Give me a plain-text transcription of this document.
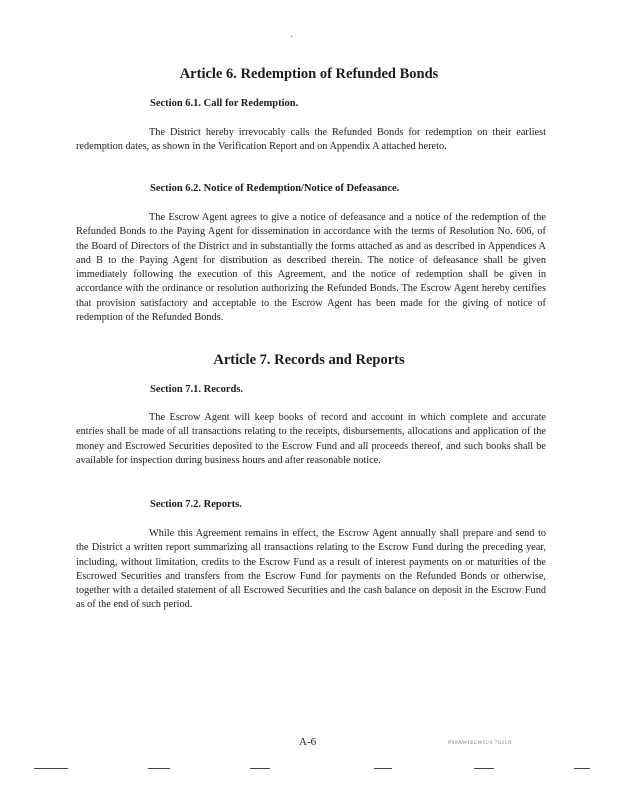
'
Article 6. Redemption of Refunded Bonds
Section 6.1. Call for Redemption.

The District hereby irrevocably calls the Refunded Bonds for redemption on their earliest redemption dates, as shown in the Verification Report and on Appendix A attached hereto.

Section 6.2. Notice of Redemption/Notice of Defeasance.

The Escrow Agent agrees to give a notice of defeasance and a notice of the redemption of the Refunded Bonds to the Paying Agent for dissemination in accordance with the terms of Resolution No. 606, of the Board of Directors of the District and in substantially the forms attached as and as described in Appendices A and B to the Paying Agent for distribution as described therein. The notice of defeasance shall be given immediately following the execution of this Agreement, and the notice of redemption shall be given in accordance with the ordinance or resolution authorizing the Refunded Bonds. The Escrow Agent hereby certifies that provision satisfactory and acceptable to the Escrow Agent has been made for the giving of notice of redemption of the Refunded Bonds.

Article 7. Records and Reports
Section 7.1. Records.

The Escrow Agent will keep books of record and account in which complete and accurate entries shall be made of all transactions relating to the receipts, disbursements, allocations and application of the money and Escrowed Securities deposited to the Escrow Fund and all proceeds thereof, and such books shall be available for inspection during business hours and after reasonable notice.

Section 7.2. Reports.

While this Agreement remains in effect, the Escrow Agent annually shall prepare and send to the District a written report summarizing all transactions relating to the Escrow Fund during the preceding year, including, without limitation, credits to the Escrow Fund as a result of interest payments on or maturities of the Escrowed Securities and transfers from the Escrow Fund for payments on the Refunded Bonds or otherwise, together with a detailed statement of all Escrowed Securities and the cash balance on deposit in the Escrow Fund as of the end of such period.

A-6	P90AWIELWG/0 7021N
